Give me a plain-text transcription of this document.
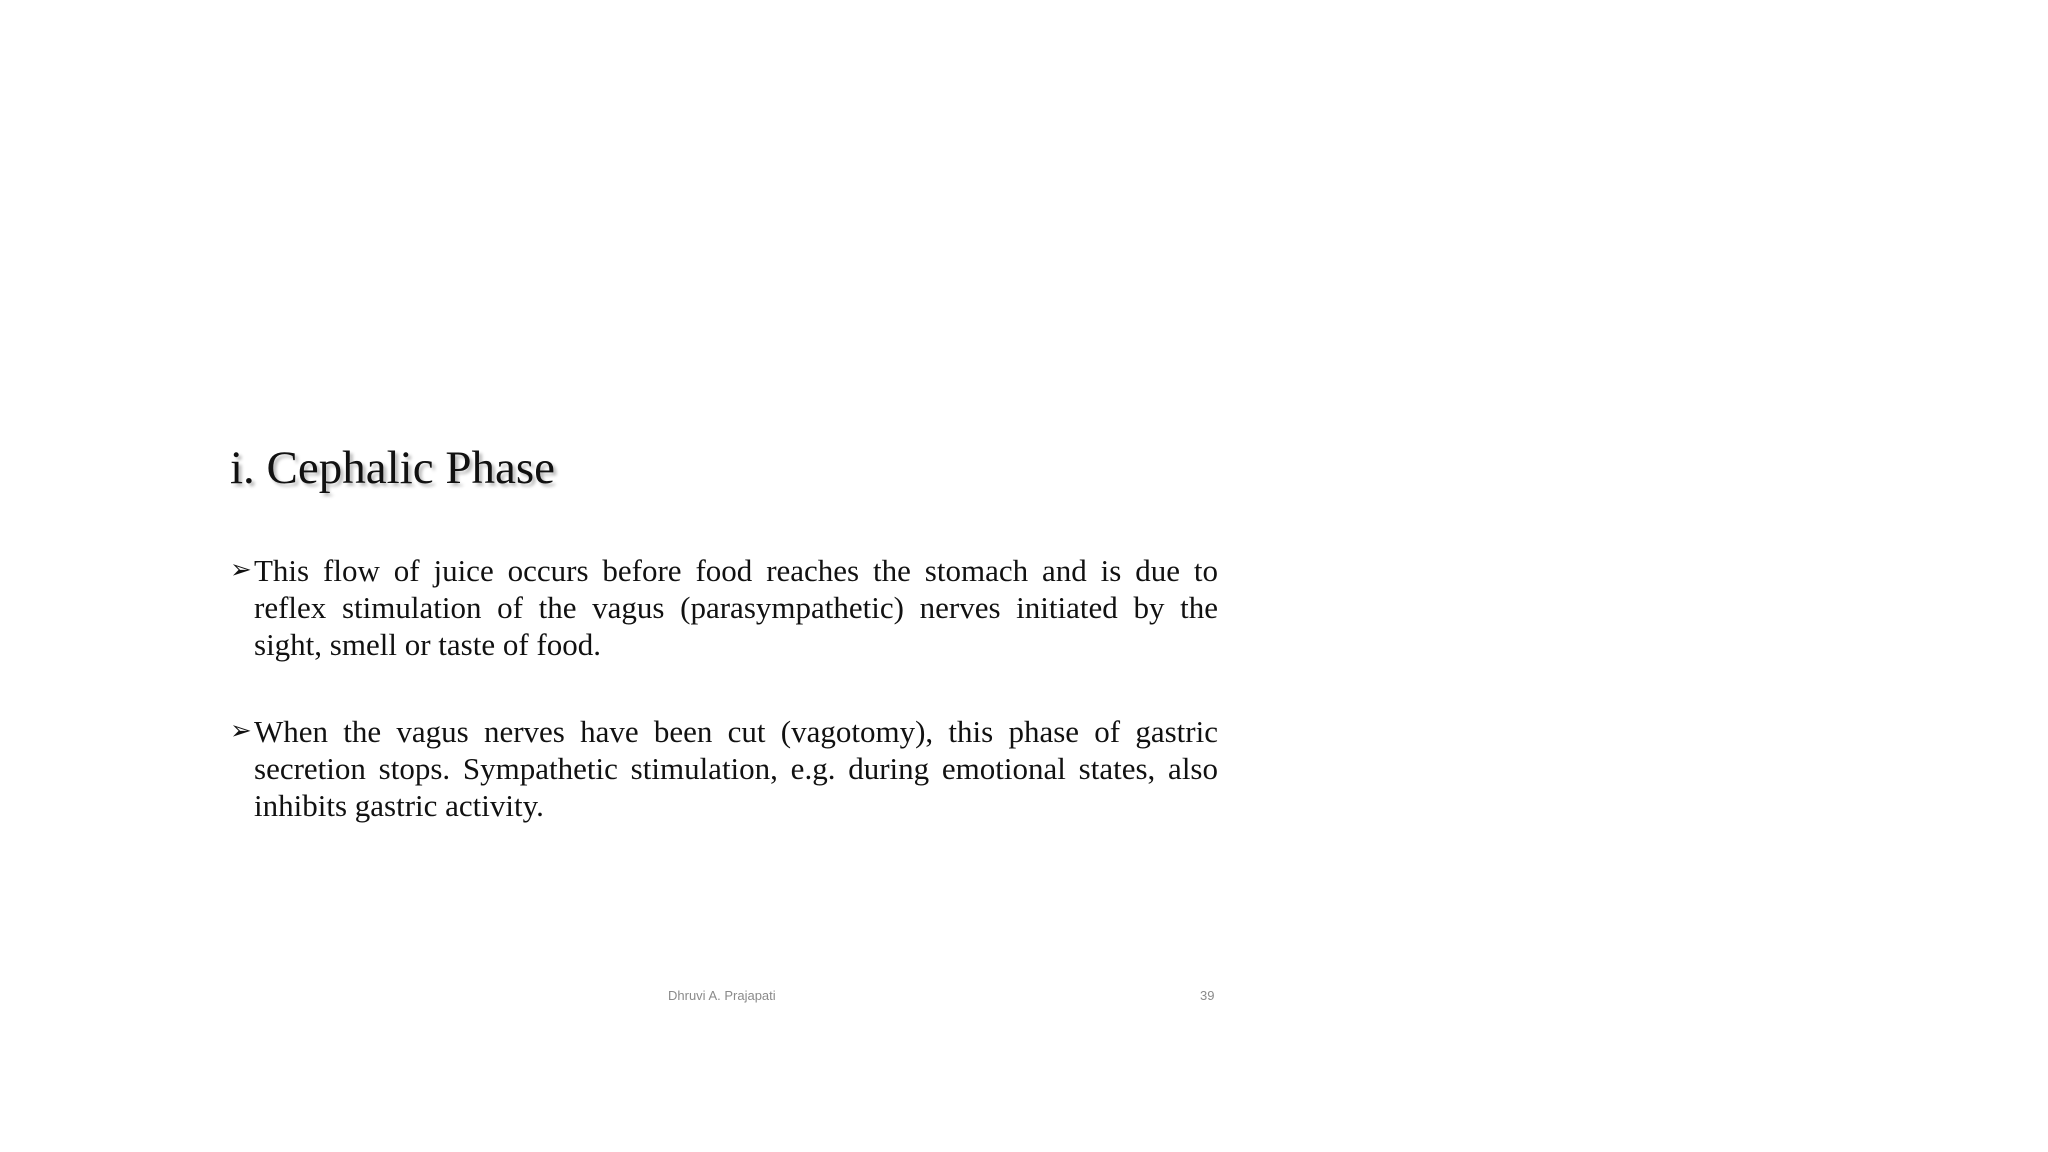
i. Cephalic Phase
➢ This flow of juice occurs before food reaches the stomach and is due to reflex stimulation of the vagus (parasympathetic) nerves initiated by the sight, smell or taste of food.
➢ When the vagus nerves have been cut (vagotomy), this phase of gastric secretion stops. Sympathetic stimulation, e.g. during emotional states, also inhibits gastric activity.
Dhruvi A. Prajapati	39
